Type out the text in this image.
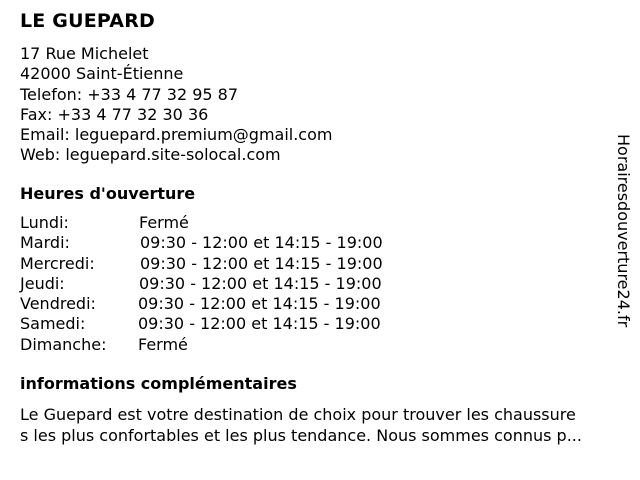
LE GUEPARD
17 Rue Michelet
42000 Saint-Étienne
Telefon: +33 4 77 32 95 87
Fax: +33 4 77 32 30 36
Email: leguepard.premium@gmail.com
Web: leguepard.site-solocal.com
Heures d'ouverture
Lundi:	Fermé
Mardi:	09:30 - 12:00 et 14:15 - 19:00
Mercredi:	09:30 - 12:00 et 14:15 - 19:00
Jeudi:	09:30 - 12:00 et 14:15 - 19:00
Vendredi:	09:30 - 12:00 et 14:15 - 19:00
Samedi:	09:30 - 12:00 et 14:15 - 19:00
Dimanche: Fermé
informations complémentaires
Le Guepard est votre destination de choix pour trouver les chaussure
s les plus confortables et les plus tendance. Nous sommes connus p...
Horairesdouverture24.fr
